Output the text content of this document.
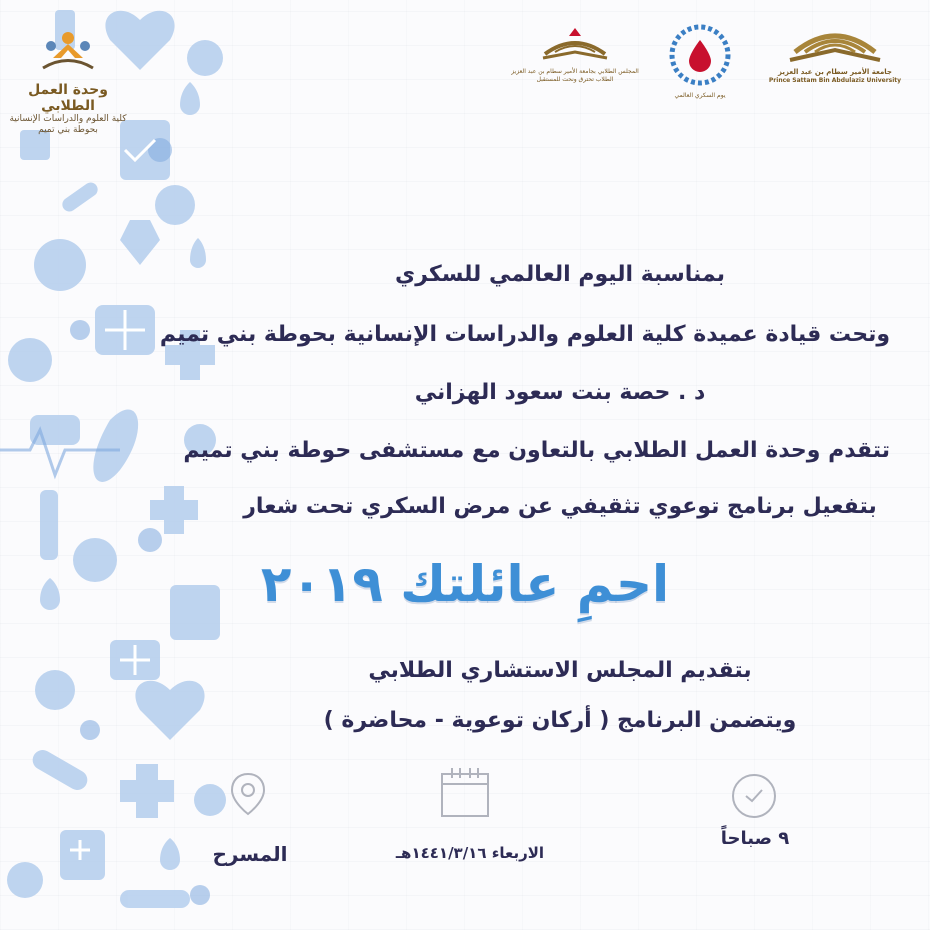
وحدة العمل الطلابي
كلية العلوم والدراسات الإنسانية
بحوطة بني تميم
المجلس الطلابي بجامعة الأمير سطام بن عبد العزيز
الطلاب تحترق ونحت للمستقبل
يوم السكري العالمي
جامعة الأمير سطام بن عبد العزيز
Prince Sattam Bin Abdulaziz University
بمناسبة اليوم العالمي للسكري
وتحت قيادة عميدة كلية العلوم والدراسات الإنسانية بحوطة بني تميم
د . حصة بنت سعود الهزاني
تتقدم وحدة العمل الطلابي بالتعاون مع مستشفى حوطة بني تميم
بتفعيل برنامج توعوي تثقيفي عن مرض السكري تحت شعار
بتقديم المجلس الاستشاري الطلابي
ويتضمن البرنامج ( أركان توعوية - محاضرة )
احمِ عائلتك ٢٠١٩
المسرح	الاربعاء ١٤٤١/٣/١٦هـ
٩ صباحاً
